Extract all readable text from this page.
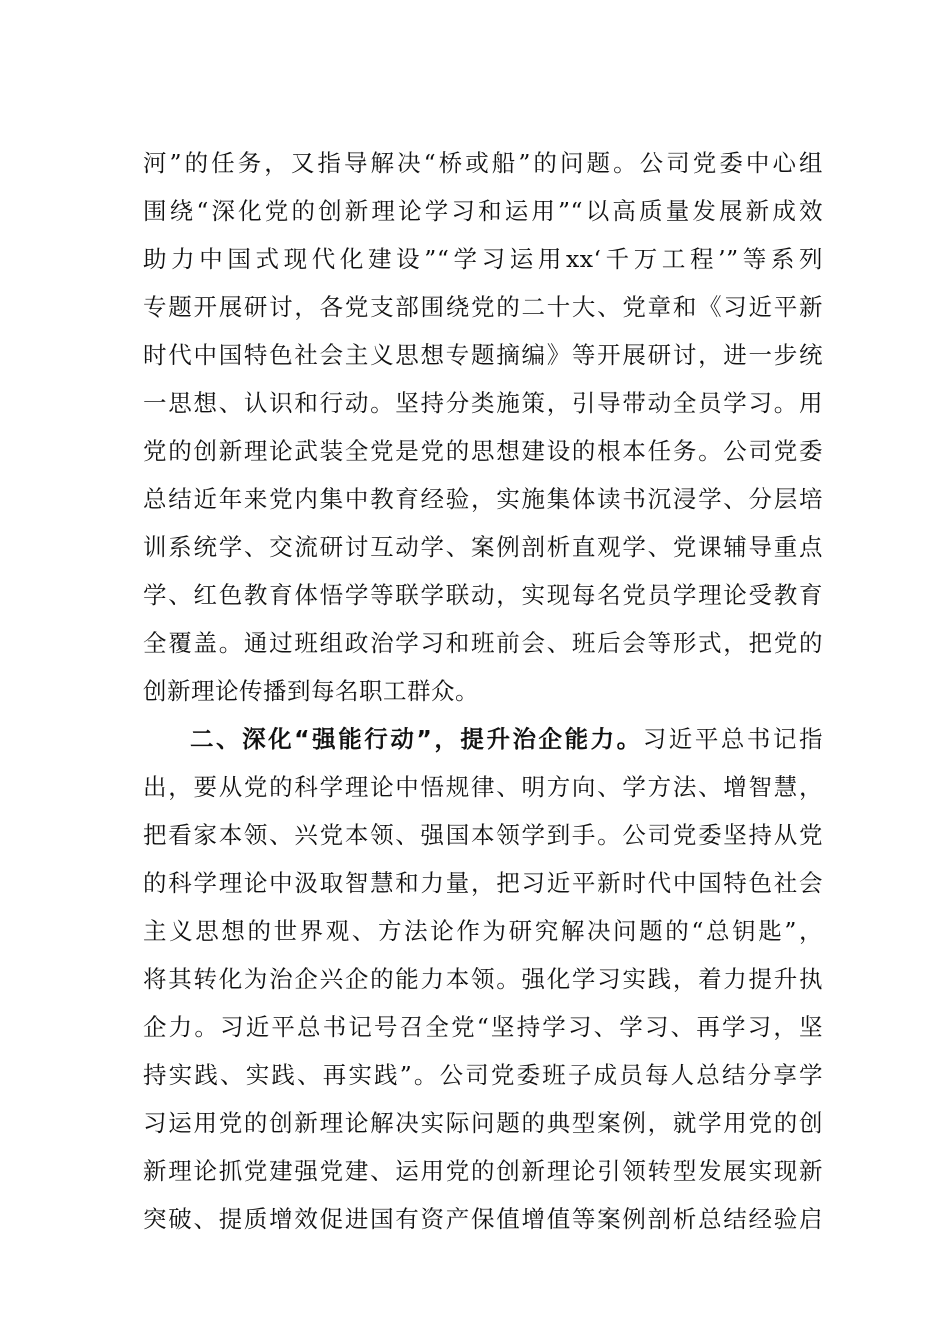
河”的任务，又指导解决“桥或船”的问题。公司党委中心组
围绕“深化党的创新理论学习和运用”“以高质量发展新成效
助力中国式现代化建设”“学习运用xx‘千万工程’”等系列
专题开展研讨，各党支部围绕党的二十大、党章和《习近平新
时代中国特色社会主义思想专题摘编》等开展研讨，进一步统
一思想、认识和行动。坚持分类施策，引导带动全员学习。用
党的创新理论武装全党是党的思想建设的根本任务。公司党委
总结近年来党内集中教育经验，实施集体读书沉浸学、分层培
训系统学、交流研讨互动学、案例剖析直观学、党课辅导重点
学、红色教育体悟学等联学联动，实现每名党员学理论受教育
全覆盖。通过班组政治学习和班前会、班后会等形式，把党的
创新理论传播到每名职工群众。
二、深化“强能行动”，提升治企能力。习近平总书记指
出，要从党的科学理论中悟规律、明方向、学方法、增智慧，
把看家本领、兴党本领、强国本领学到手。公司党委坚持从党
的科学理论中汲取智慧和力量，把习近平新时代中国特色社会
主义思想的世界观、方法论作为研究解决问题的“总钥匙”，
将其转化为治企兴企的能力本领。强化学习实践，着力提升执
企力。习近平总书记号召全党“坚持学习、学习、再学习，坚
持实践、实践、再实践”。公司党委班子成员每人总结分享学
习运用党的创新理论解决实际问题的典型案例，就学用党的创
新理论抓党建强党建、运用党的创新理论引领转型发展实现新
突破、提质增效促进国有资产保值增值等案例剖析总结经验启
